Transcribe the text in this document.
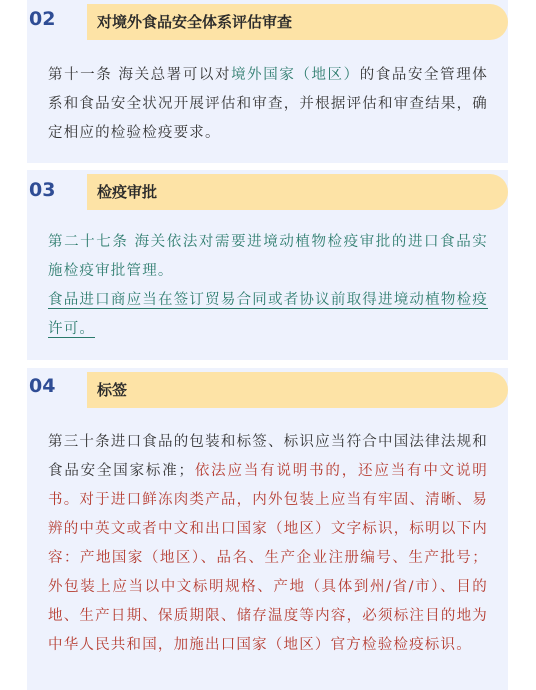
02	对境外食品安全体系评估审查
第十一条 海关总署可以对境外国家（地区）的食品安全管理体系和食品安全状况开展评估和审查，并根据评估和审查结果，确定相应的检验检疫要求。
03	检疫审批
第二十七条 海关依法对需要进境动植物检疫审批的进口食品实施检疫审批管理。
食品进口商应当在签订贸易合同或者协议前取得进境动植物检疫许可。
04	标签
第三十条进口食品的包装和标签、标识应当符合中国法律法规和食品安全国家标准；依法应当有说明书的，还应当有中文说明书。对于进口鲜冻肉类产品，内外包装上应当有牢固、清晰、易辨的中英文或者中文和出口国家（地区）文字标识，标明以下内容：产地国家（地区）、品名、生产企业注册编号、生产批号；外包装上应当以中文标明规格、产地（具体到州/省/市）、目的地、生产日期、保质期限、储存温度等内容，必须标注目的地为中华人民共和国，加施出口国家（地区）官方检验检疫标识。
